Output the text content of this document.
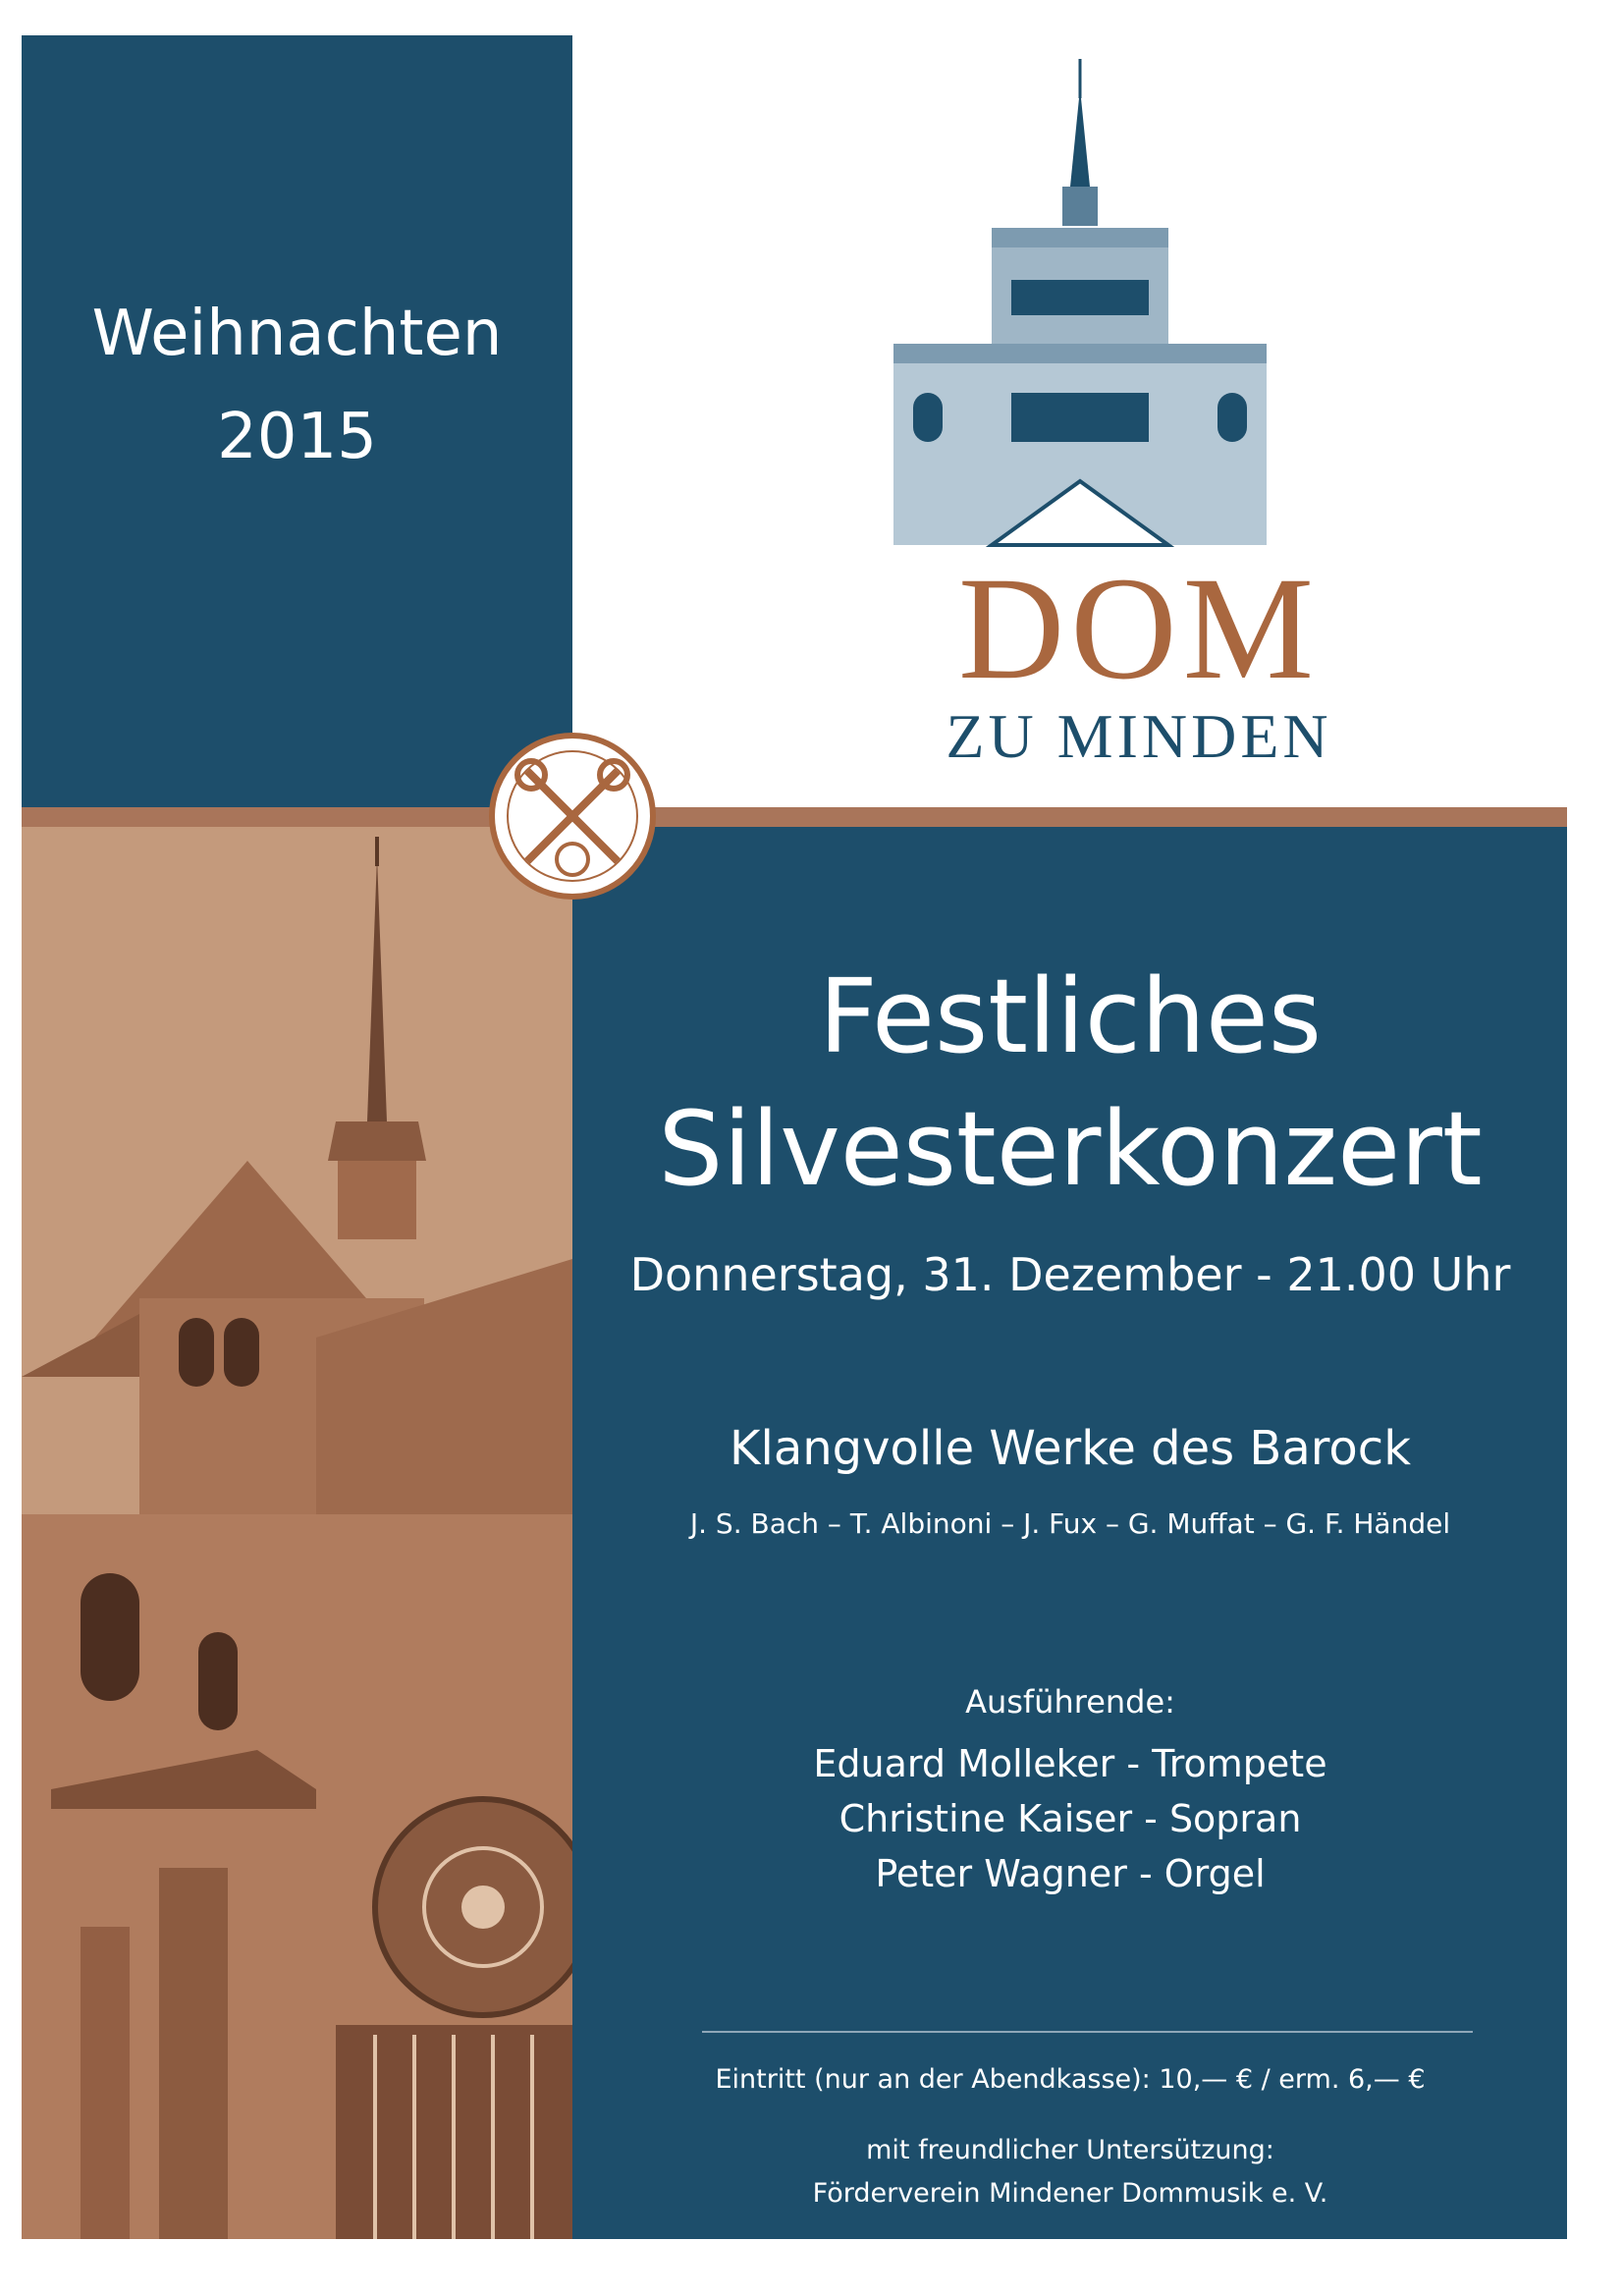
Weihnachten
2015
DOM
ZU MINDEN
Festliches
Silvesterkonzert
Donnerstag, 31. Dezember - 21.00 Uhr
Klangvolle Werke des Barock
J. S. Bach – T. Albinoni – J. Fux – G. Muffat – G. F. Händel
Ausführende:
Eduard Molleker - Trompete
Christine Kaiser - Sopran
Peter Wagner - Orgel
Eintritt (nur an der Abendkasse): 10,— € / erm. 6,— €
mit freundlicher Untersützung:
Förderverein Mindener Dommusik e. V.
